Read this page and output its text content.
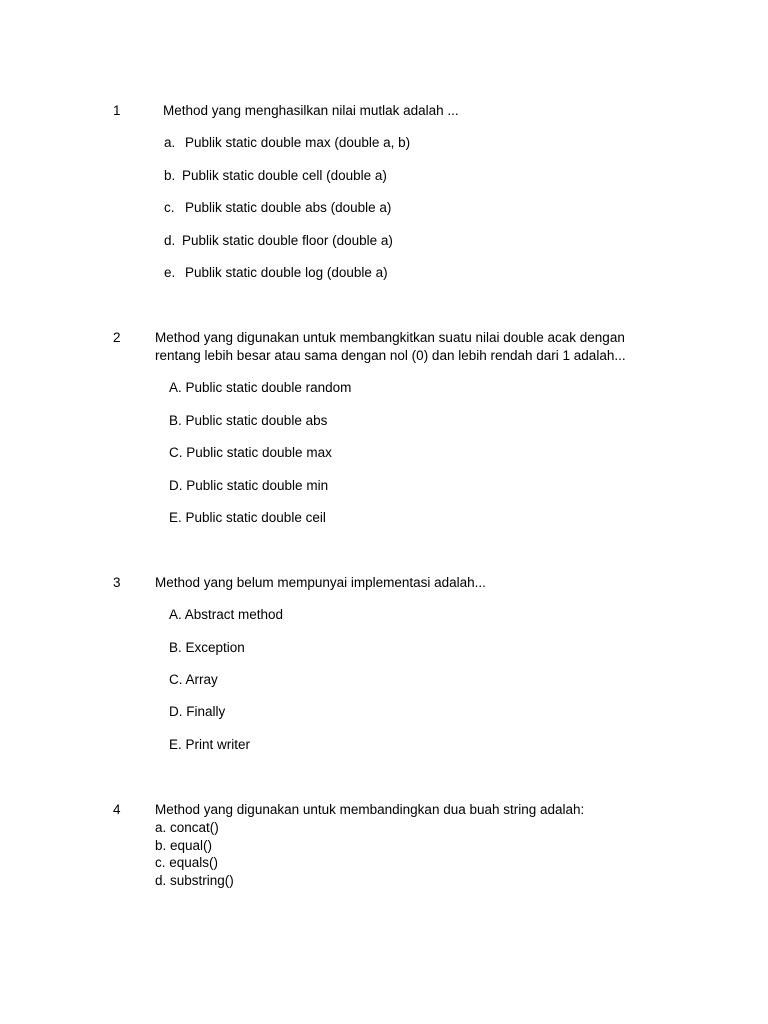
1	Method yang menghasilkan nilai mutlak adalah ...
a. Publik static double max (double a, b)
b. Publik static double cell (double a)
c. Publik static double abs (double a)
d. Publik static double floor (double a)
e. Publik static double log (double a)
2	Method yang digunakan untuk membangkitkan suatu nilai double acak dengan
rentang lebih besar atau sama dengan nol (0) dan lebih rendah dari 1 adalah...
A. Public static double random
B. Public static double abs
C. Public static double max
D. Public static double min
E. Public static double ceil
3	Method yang belum mempunyai implementasi adalah...
A. Abstract method
B. Exception
C. Array
D. Finally
E. Print writer
4	Method yang digunakan untuk membandingkan dua buah string adalah:
a. concat()
b. equal()
c. equals()
d. substring()
